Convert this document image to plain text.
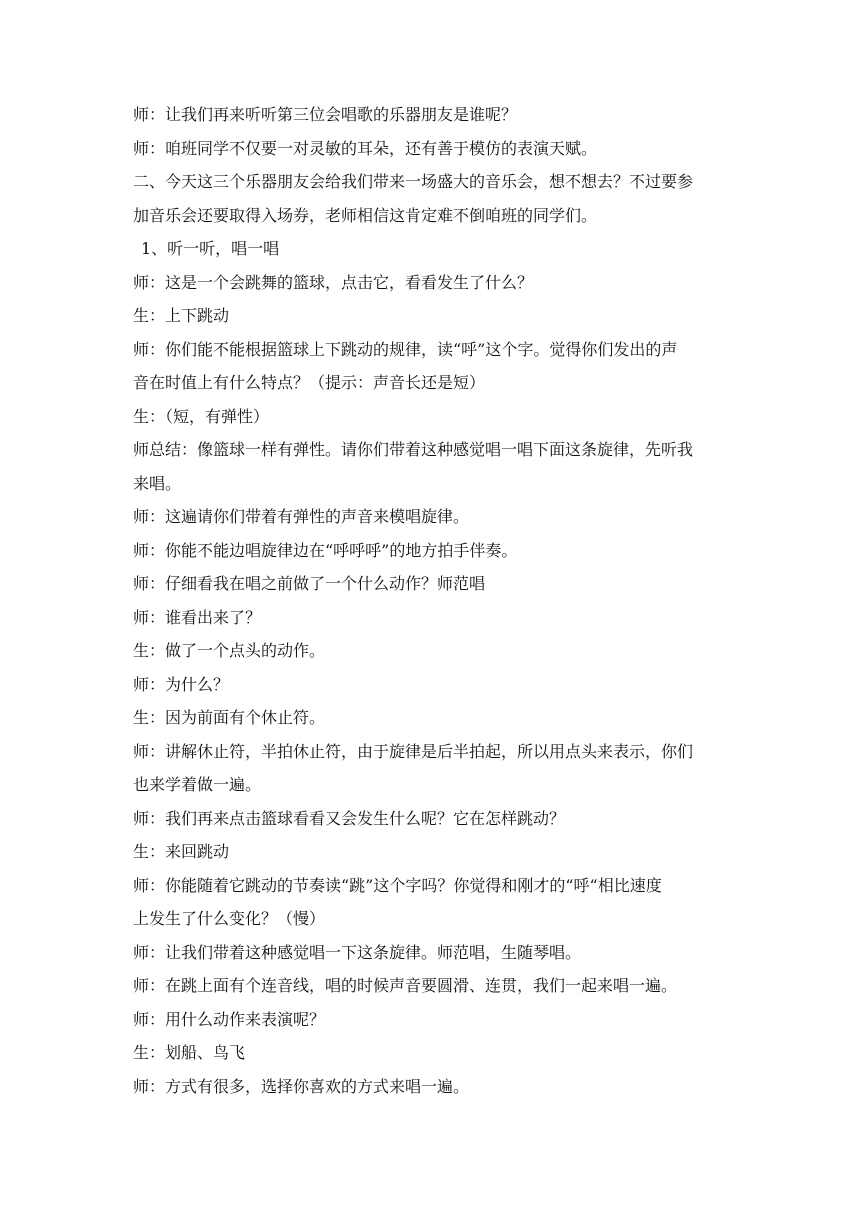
师：让我们再来听听第三位会唱歌的乐器朋友是谁呢？
师：咱班同学不仅要一对灵敏的耳朵，还有善于模仿的表演天赋。
二、今天这三个乐器朋友会给我们带来一场盛大的音乐会，想不想去？不过要参
加音乐会还要取得入场券，老师相信这肯定难不倒咱班的同学们。
1、听一听，唱一唱
师：这是一个会跳舞的篮球，点击它，看看发生了什么？
生：上下跳动
师：你们能不能根据篮球上下跳动的规律，读“呼”这个字。觉得你们发出的声
音在时值上有什么特点？（提示：声音长还是短）
生：（短，有弹性）
师总结：像篮球一样有弹性。请你们带着这种感觉唱一唱下面这条旋律，先听我
来唱。
师：这遍请你们带着有弹性的声音来模唱旋律。
师：你能不能边唱旋律边在“呼呼呼”的地方拍手伴奏。
师：仔细看我在唱之前做了一个什么动作？师范唱
师：谁看出来了？
生：做了一个点头的动作。
师：为什么？
生：因为前面有个休止符。
师：讲解休止符，半拍休止符，由于旋律是后半拍起，所以用点头来表示，你们
也来学着做一遍。
师：我们再来点击篮球看看又会发生什么呢？它在怎样跳动？
生：来回跳动
师：你能随着它跳动的节奏读“跳”这个字吗？你觉得和刚才的“呼“相比速度
上发生了什么变化？（慢）
师：让我们带着这种感觉唱一下这条旋律。师范唱，生随琴唱。
师：在跳上面有个连音线，唱的时候声音要圆滑、连贯，我们一起来唱一遍。
师：用什么动作来表演呢？
生：划船、鸟飞
师：方式有很多，选择你喜欢的方式来唱一遍。
